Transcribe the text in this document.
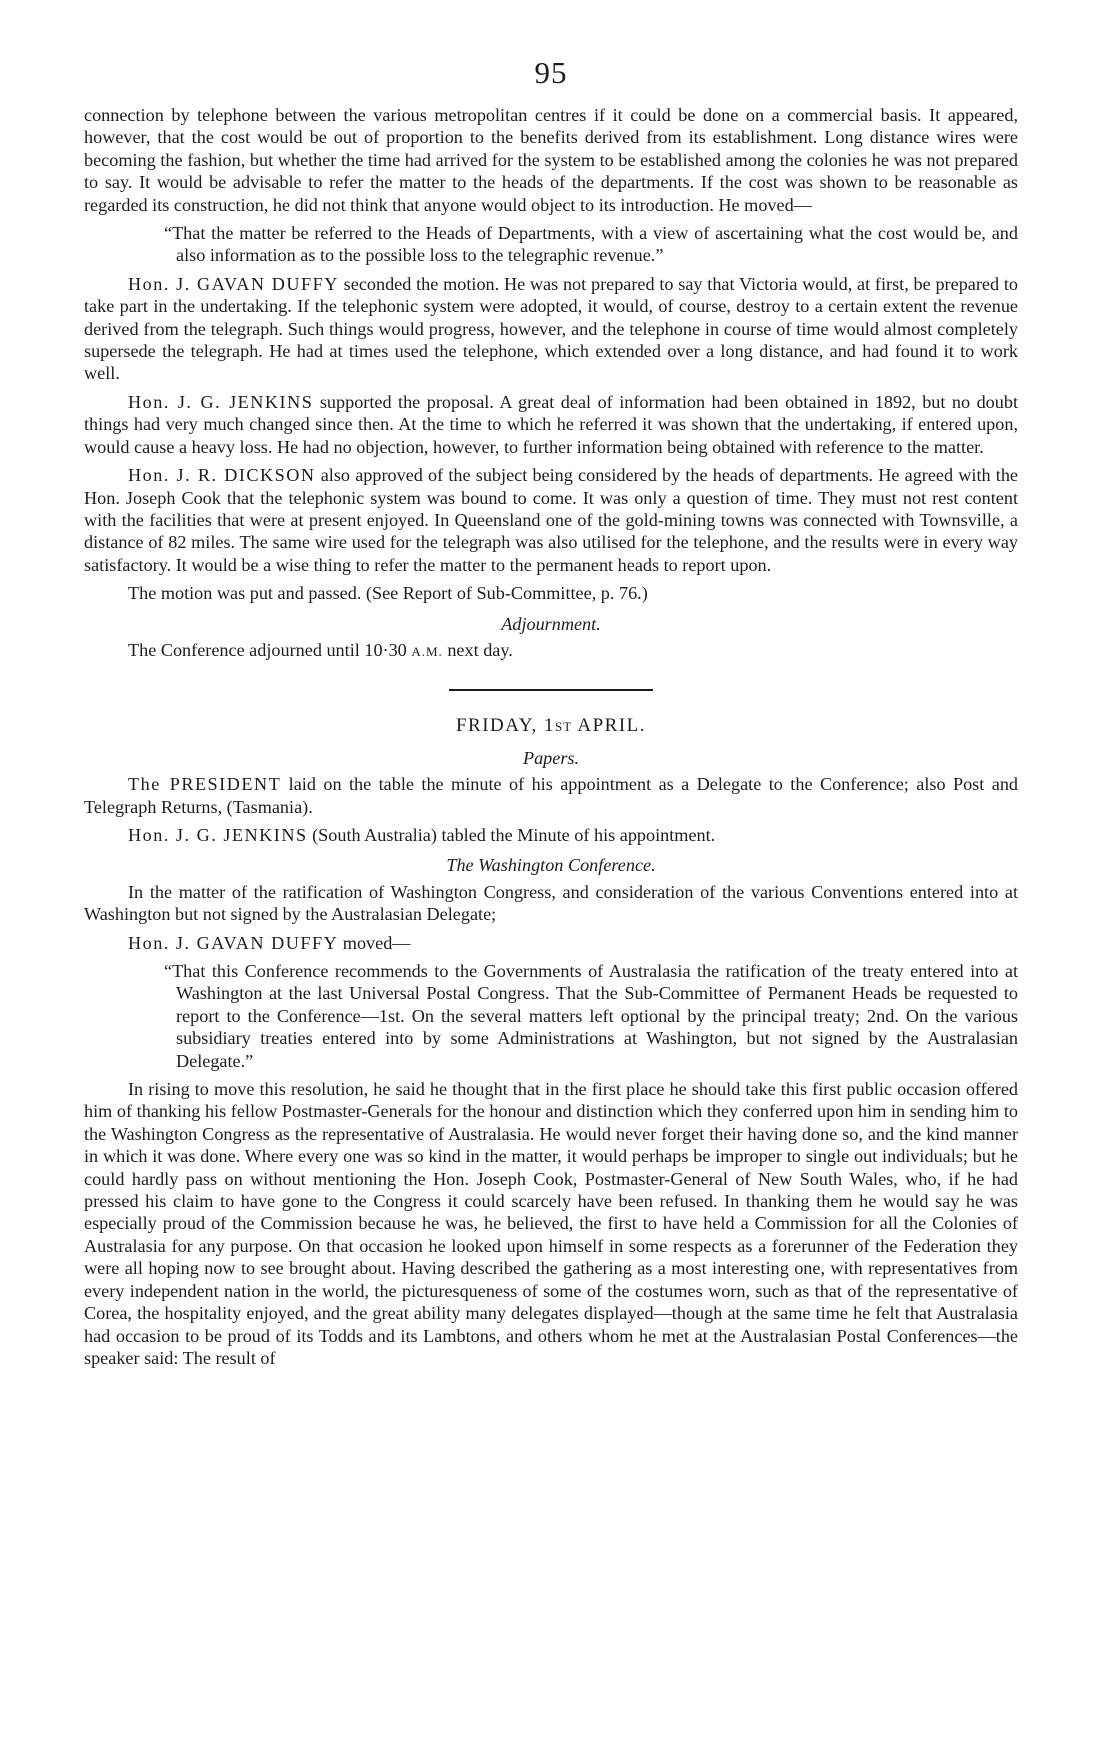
95

connection by telephone between the various metropolitan centres if it could be done on a commercial basis. It appeared, however, that the cost would be out of proportion to the benefits derived from its establishment. Long distance wires were becoming the fashion, but whether the time had arrived for the system to be established among the colonies he was not prepared to say. It would be advisable to refer the matter to the heads of the departments. If the cost was shown to be reasonable as regarded its construction, he did not think that anyone would object to its introduction. He moved—

“That the matter be referred to the Heads of Departments, with a view of ascertaining what the cost would be, and also information as to the possible loss to the telegraphic revenue.”

Hon. J. GAVAN DUFFY seconded the motion. He was not prepared to say that Victoria would, at first, be prepared to take part in the undertaking. If the telephonic system were adopted, it would, of course, destroy to a certain extent the revenue derived from the telegraph. Such things would progress, however, and the telephone in course of time would almost completely supersede the telegraph. He had at times used the telephone, which extended over a long distance, and had found it to work well.

Hon. J. G. JENKINS supported the proposal. A great deal of information had been obtained in 1892, but no doubt things had very much changed since then. At the time to which he referred it was shown that the undertaking, if entered upon, would cause a heavy loss. He had no objection, however, to further information being obtained with reference to the matter.

Hon. J. R. DICKSON also approved of the subject being considered by the heads of departments. He agreed with the Hon. Joseph Cook that the telephonic system was bound to come. It was only a question of time. They must not rest content with the facilities that were at present enjoyed. In Queensland one of the gold-mining towns was connected with Townsville, a distance of 82 miles. The same wire used for the telegraph was also utilised for the telephone, and the results were in every way satisfactory. It would be a wise thing to refer the matter to the permanent heads to report upon.

The motion was put and passed. (See Report of Sub-Committee, p. 76.)

Adjournment.

The Conference adjourned until 10·30 A.M. next day.

FRIDAY, 1ST APRIL.
Papers.

The PRESIDENT laid on the table the minute of his appointment as a Delegate to the Conference; also Post and Telegraph Returns, (Tasmania).

Hon. J. G. JENKINS (South Australia) tabled the Minute of his appointment.

The Washington Conference.

In the matter of the ratification of Washington Congress, and consideration of the various Conventions entered into at Washington but not signed by the Australasian Delegate;

Hon. J. GAVAN DUFFY moved—

“That this Conference recommends to the Governments of Australasia the ratification of the treaty entered into at Washington at the last Universal Postal Congress. That the Sub-Committee of Permanent Heads be requested to report to the Conference—1st. On the several matters left optional by the principal treaty; 2nd. On the various subsidiary treaties entered into by some Administrations at Washington, but not signed by the Australasian Delegate.”

In rising to move this resolution, he said he thought that in the first place he should take this first public occasion offered him of thanking his fellow Postmaster-Generals for the honour and distinction which they conferred upon him in sending him to the Washington Congress as the representative of Australasia. He would never forget their having done so, and the kind manner in which it was done. Where every one was so kind in the matter, it would perhaps be improper to single out individuals; but he could hardly pass on without mentioning the Hon. Joseph Cook, Postmaster-General of New South Wales, who, if he had pressed his claim to have gone to the Congress it could scarcely have been refused. In thanking them he would say he was especially proud of the Commission because he was, he believed, the first to have held a Commission for all the Colonies of Australasia for any purpose. On that occasion he looked upon himself in some respects as a forerunner of the Federation they were all hoping now to see brought about. Having described the gathering as a most interesting one, with representatives from every independent nation in the world, the picturesqueness of some of the costumes worn, such as that of the representative of Corea, the hospitality enjoyed, and the great ability many delegates displayed—though at the same time he felt that Australasia had occasion to be proud of its Todds and its Lambtons, and others whom he met at the Australasian Postal Conferences—the speaker said: The result of
